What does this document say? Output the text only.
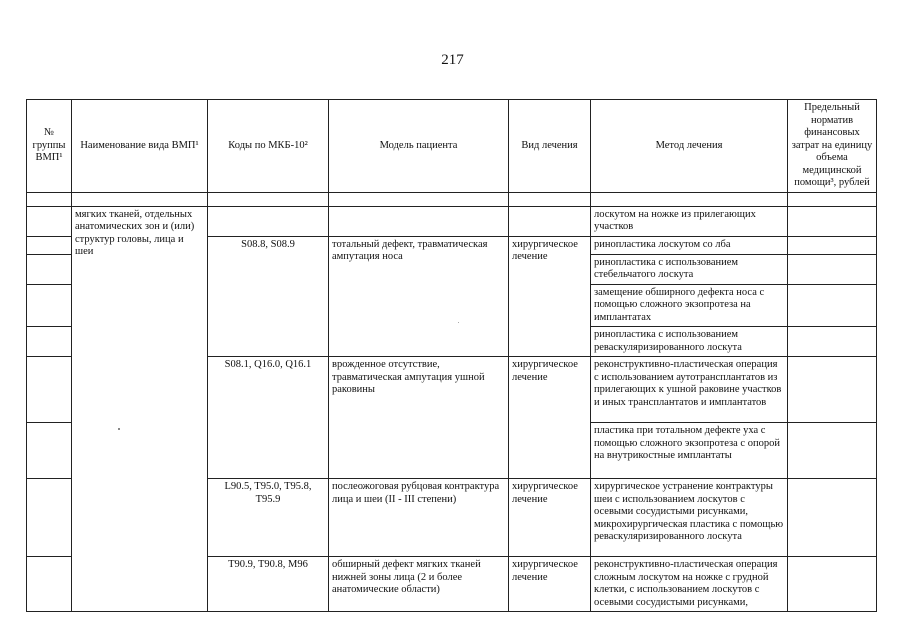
217
№ группы ВМП¹	Наименование вида ВМП¹	Коды по МКБ-10²	Модель пациента	Вид лечения	Метод лечения	Предельный норматив финансовых затрат на единицу объема медицинской помощи³, рублей

	мягких тканей, отдельных анатомических зон и (или) структур головы, лица и шеи				лоскутом на ножке из прилегающих участков	
		S08.8, S08.9	тотальный дефект, травматическая ампутация носа	хирургическое лечение	ринопластика лоскутом со лба	
					ринопластика с использованием стебельчатого лоскута	
					замещение обширного дефекта носа с помощью сложного экзопротеза на имплантатах	
					ринопластика с использованием реваскуляризированного лоскута	
		S08.1, Q16.0, Q16.1	врожденное отсутствие, травматическая ампутация ушной раковины	хирургическое лечение	реконструктивно-пластическая операция с использованием аутотрансплантатов из прилегающих к ушной раковине участков и иных трансплантатов и имплантатов	
					пластика при тотальном дефекте уха с помощью сложного экзопротеза с опорой на внутрикостные имплантаты	
		L90.5, T95.0, T95.8, T95.9	послеожоговая рубцовая контрактура лица и шеи (II - III степени)	хирургическое лечение	хирургическое устранение контрактуры шеи с использованием лоскутов с осевыми сосудистыми рисунками, микрохирургическая пластика с помощью реваскуляризированного лоскута	
		T90.9, T90.8, M96	обширный дефект мягких тканей нижней зоны лица (2 и более анатомические области)	хирургическое лечение	реконструктивно-пластическая операция сложным лоскутом на ножке с грудной клетки, с использованием лоскутов с осевыми сосудистыми рисунками,	
